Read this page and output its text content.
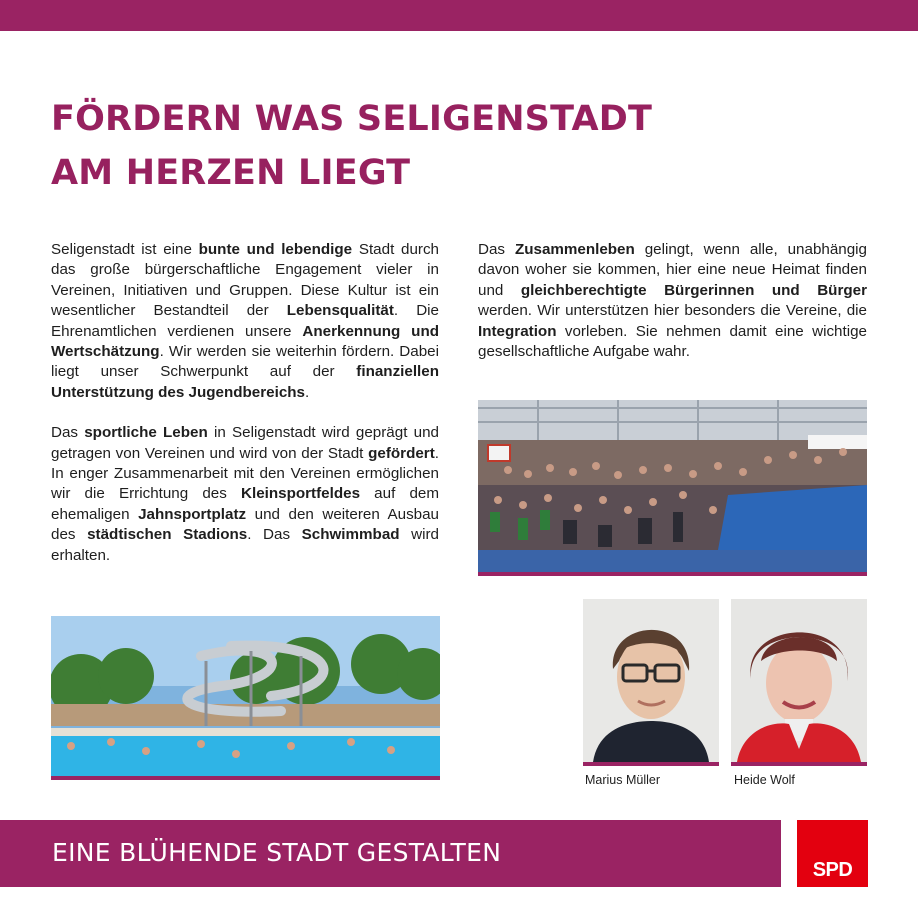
FÖRDERN WAS SELIGENSTADT
AM HERZEN LIEGT

Seligenstadt ist eine bunte und lebendige Stadt durch das große bürgerschaftliche Engagement vieler in Vereinen, Initiativen und Gruppen. Diese Kultur ist ein wesentlicher Bestandteil der Lebensqualität. Die Ehrenamtlichen verdienen unsere Anerkennung und Wertschätzung. Wir werden sie weiterhin fördern. Dabei liegt unser Schwerpunkt auf der finanziellen Unterstützung des Jugendbereichs.

Das sportliche Leben in Seligenstadt wird geprägt und getragen von Vereinen und wird von der Stadt gefördert. In enger Zusammenarbeit mit den Vereinen ermöglichen wir die Errichtung des Kleinsportfeldes auf dem ehemaligen Jahnsportplatz und den weiteren Ausbau des städtischen Stadions. Das Schwimmbad wird erhalten.

Das Zusammenleben gelingt, wenn alle, unabhängig davon woher sie kommen, hier eine neue Heimat finden und gleichberechtigte Bürgerinnen und Bürger werden. Wir unterstützen hier besonders die Vereine, die Integration vorleben. Sie nehmen damit eine wichtige gesellschaftliche Aufgabe wahr.

Marius Müller	Heide Wolf
EINE BLÜHENDE STADT GESTALTEN
SPD
